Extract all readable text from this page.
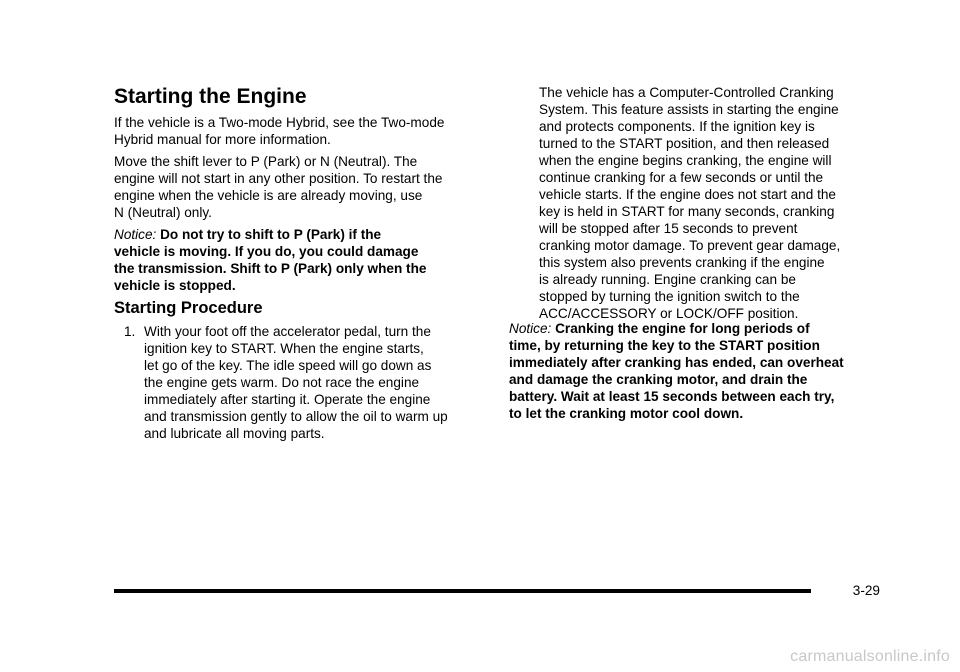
Starting the Engine

If the vehicle is a Two-mode Hybrid, see the Two-mode
Hybrid manual for more information.

Move the shift lever to P (Park) or N (Neutral). The
engine will not start in any other position. To restart the
engine when the vehicle is are already moving, use
N (Neutral) only.

Notice: Do not try to shift to P (Park) if the
vehicle is moving. If you do, you could damage
the transmission. Shift to P (Park) only when the
vehicle is stopped.

Starting Procedure
1. With your foot off the accelerator pedal, turn the
ignition key to START. When the engine starts,
let go of the key. The idle speed will go down as
the engine gets warm. Do not race the engine
immediately after starting it. Operate the engine
and transmission gently to allow the oil to warm up
and lubricate all moving parts.

The vehicle has a Computer-Controlled Cranking
System. This feature assists in starting the engine
and protects components. If the ignition key is
turned to the START position, and then released
when the engine begins cranking, the engine will
continue cranking for a few seconds or until the
vehicle starts. If the engine does not start and the
key is held in START for many seconds, cranking
will be stopped after 15 seconds to prevent
cranking motor damage. To prevent gear damage,
this system also prevents cranking if the engine
is already running. Engine cranking can be
stopped by turning the ignition switch to the
ACC/ACCESSORY or LOCK/OFF position.

Notice: Cranking the engine for long periods of
time, by returning the key to the START position
immediately after cranking has ended, can overheat
and damage the cranking motor, and drain the
battery. Wait at least 15 seconds between each try,
to let the cranking motor cool down.

3-29
carmanualsonline.info
